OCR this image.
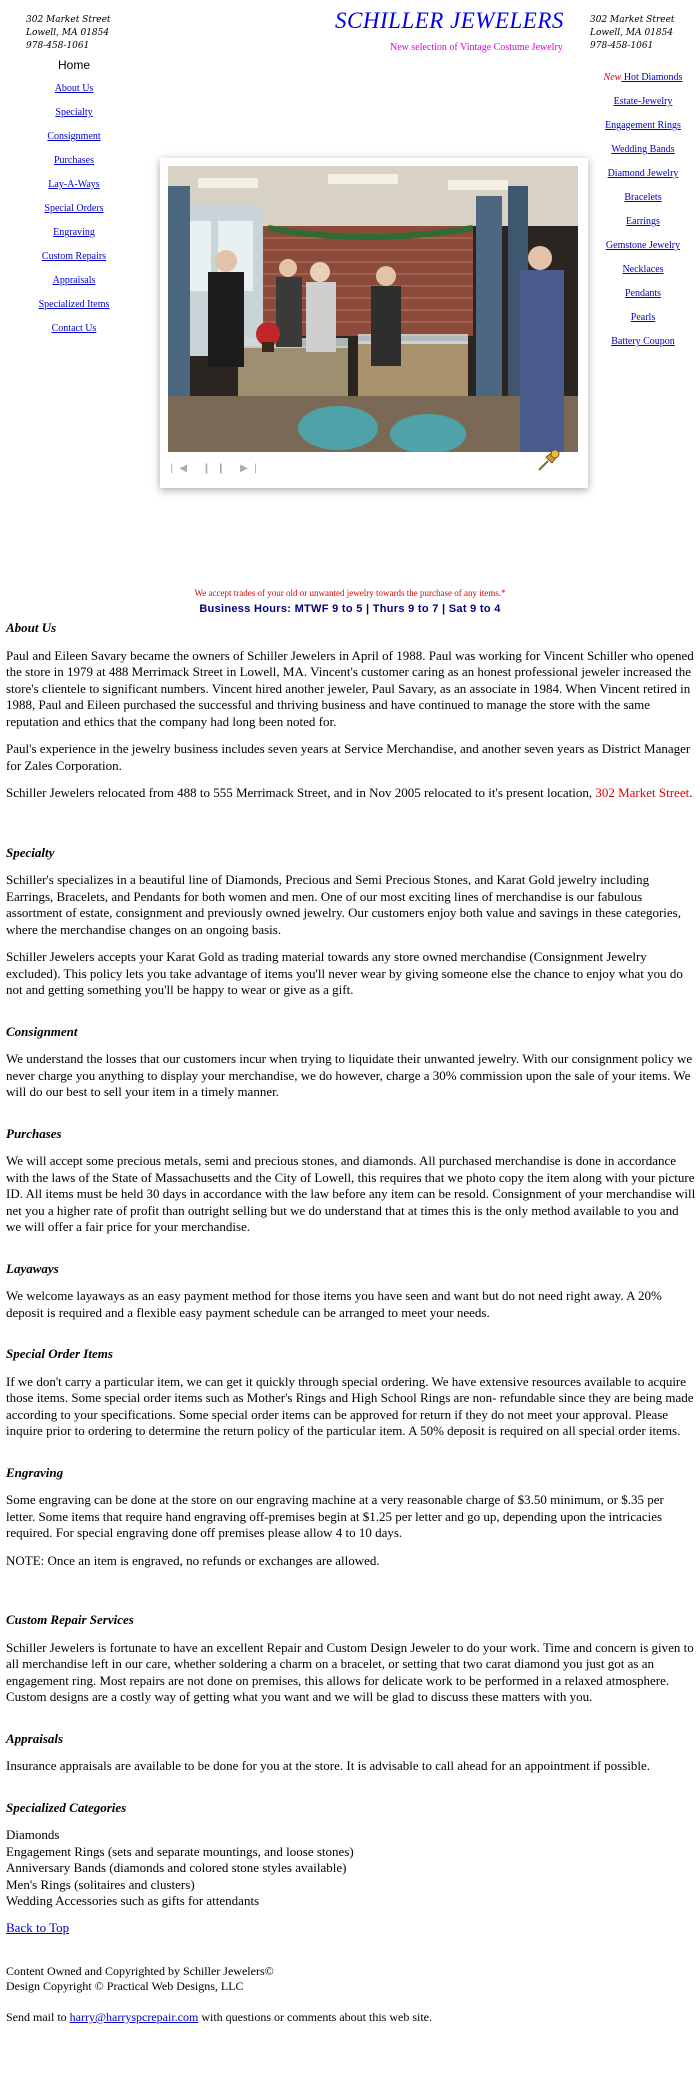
302 Market Street
Lowell, MA 01854
978-458-1061
SCHILLER JEWELERS
New selection of Vintage Costume Jewelry
302 Market Street
Lowell, MA 01854
978-458-1061
Home
About Us
Specialty
Consignment
Purchases
Lay-A-Ways
Special Orders
Engraving
Custom Repairs
Appraisals
Specialized Items
Contact Us
New Hot Diamonds
Estate-Jewelry
Engagement Rings
Wedding Bands
Diamond Jewelry
Bracelets
Earrings
Gemstone Jewelry
Necklaces
Pendants
Pearls
Battery Coupon
|◀ ❙❙ ▶|
We accept trades of your old or unwanted jewelry towards the purchase of any items.*
Business Hours: MTWF 9 to 5 | Thurs 9 to 7 | Sat 9 to 4
About Us

Paul and Eileen Savary became the owners of Schiller Jewelers in April of 1988. Paul was working for Vincent Schiller who opened the store in 1979 at 488 Merrimack Street in Lowell, MA. Vincent's customer caring as an honest professional jeweler increased the store's clientele to significant numbers. Vincent hired another jeweler, Paul Savary, as an associate in 1984. When Vincent retired in 1988, Paul and Eileen purchased the successful and thriving business and have continued to manage the store with the same reputation and ethics that the company had long been noted for.

Paul's experience in the jewelry business includes seven years at Service Merchandise, and another seven years as District Manager for Zales Corporation.

Schiller Jewelers relocated from 488 to 555 Merrimack Street, and in Nov 2005 relocated to it's present location, 302 Market Street.

Specialty

Schiller's specializes in a beautiful line of Diamonds, Precious and Semi Precious Stones, and Karat Gold jewelry including Earrings, Bracelets, and Pendants for both women and men. One of our most exciting lines of merchandise is our fabulous assortment of estate, consignment and previously owned jewelry. Our customers enjoy both value and savings in these categories, where the merchandise changes on an ongoing basis.

Schiller Jewelers accepts your Karat Gold as trading material towards any store owned merchandise (Consignment Jewelry excluded). This policy lets you take advantage of items you'll never wear by giving someone else the chance to enjoy what you do not and getting something you'll be happy to wear or give as a gift.

Consignment

We understand the losses that our customers incur when trying to liquidate their unwanted jewelry. With our consignment policy we never charge you anything to display your merchandise, we do however, charge a 30% commission upon the sale of your items. We will do our best to sell your item in a timely manner.

Purchases

We will accept some precious metals, semi and precious stones, and diamonds. All purchased merchandise is done in accordance with the laws of the State of Massachusetts and the City of Lowell, this requires that we photo copy the item along with your picture ID. All items must be held 30 days in accordance with the law before any item can be resold. Consignment of your merchandise will net you a higher rate of profit than outright selling but we do understand that at times this is the only method available to you and we will offer a fair price for your merchandise.

Layaways

We welcome layaways as an easy payment method for those items you have seen and want but do not need right away. A 20% deposit is required and a flexible easy payment schedule can be arranged to meet your needs.

Special Order Items

If we don't carry a particular item, we can get it quickly through special ordering. We have extensive resources available to acquire those items. Some special order items such as Mother's Rings and High School Rings are non- refundable since they are being made according to your specifications. Some special order items can be approved for return if they do not meet your approval. Please inquire prior to ordering to determine the return policy of the particular item. A 50% deposit is required on all special order items.

Engraving

Some engraving can be done at the store on our engraving machine at a very reasonable charge of $3.50 minimum, or $.35 per letter. Some items that require hand engraving off-premises begin at $1.25 per letter and go up, depending upon the intricacies required. For special engraving done off premises please allow 4 to 10 days.

NOTE: Once an item is engraved, no refunds or exchanges are allowed.

Custom Repair Services

Schiller Jewelers is fortunate to have an excellent Repair and Custom Design Jeweler to do your work. Time and concern is given to all merchandise left in our care, whether soldering a charm on a bracelet, or setting that two carat diamond you just got as an engagement ring. Most repairs are not done on premises, this allows for delicate work to be performed in a relaxed atmosphere. Custom designs are a costly way of getting what you want and we will be glad to discuss these matters with you.

Appraisals

Insurance appraisals are available to be done for you at the store. It is advisable to call ahead for an appointment if possible.

Specialized Categories
Diamonds
Engagement Rings (sets and separate mountings, and loose stones)
Anniversary Bands (diamonds and colored stone styles available)
Men's Rings (solitaires and clusters)
Wedding Accessories such as gifts for attendants
Back to Top
Content Owned and Copyrighted by Schiller Jewelers©
Design Copyright © Practical Web Designs, LLC
Send mail to harry@harryspcrepair.com with questions or comments about this web site.
